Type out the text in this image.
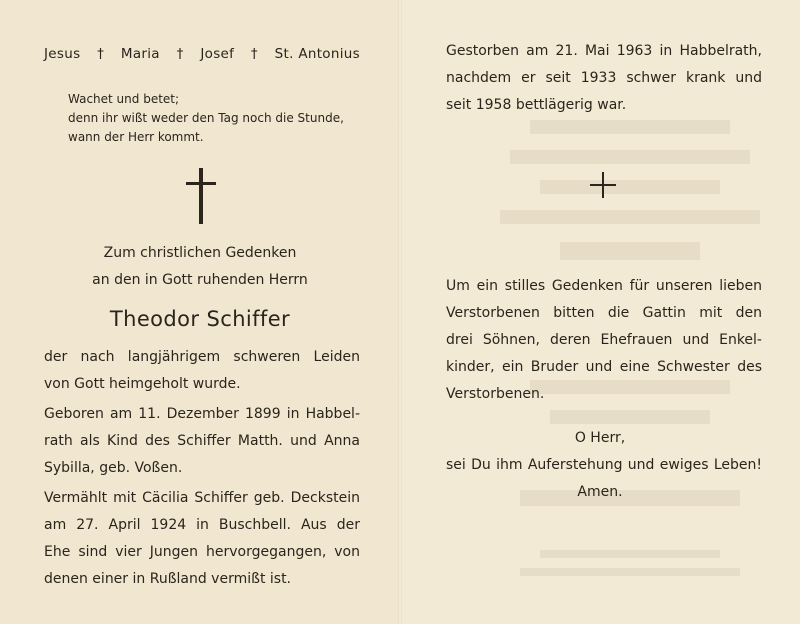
Jesus † Maria † Josef † St. Antonius
Wachet und betet;
denn ihr wißt weder den Tag noch die Stunde,
wann der Herr kommt.
Zum christlichen Gedenken
an den in Gott ruhenden Herrn
Theodor Schiffer
der nach langjährigem schweren Leiden
von Gott heimgeholt wurde.
Geboren am 11. Dezember 1899 in Habbel-
rath als Kind des Schiffer Matth. und Anna
Sybilla, geb. Voßen.
Vermählt mit Cäcilia Schiffer geb. Deckstein
am 27. April 1924 in Buschbell. Aus der
Ehe sind vier Jungen hervorgegangen, von
denen einer in Rußland vermißt ist.
Gestorben am 21. Mai 1963 in Habbelrath,
nachdem er seit 1933 schwer krank und
seit 1958 bettlägerig war.
Um ein stilles Gedenken für unseren lieben
Verstorbenen bitten die Gattin mit den
drei Söhnen, deren Ehefrauen und Enkel-
kinder, ein Bruder und eine Schwester des
Verstorbenen.
O Herr,
sei Du ihm Auferstehung und ewiges Leben!
Amen.
